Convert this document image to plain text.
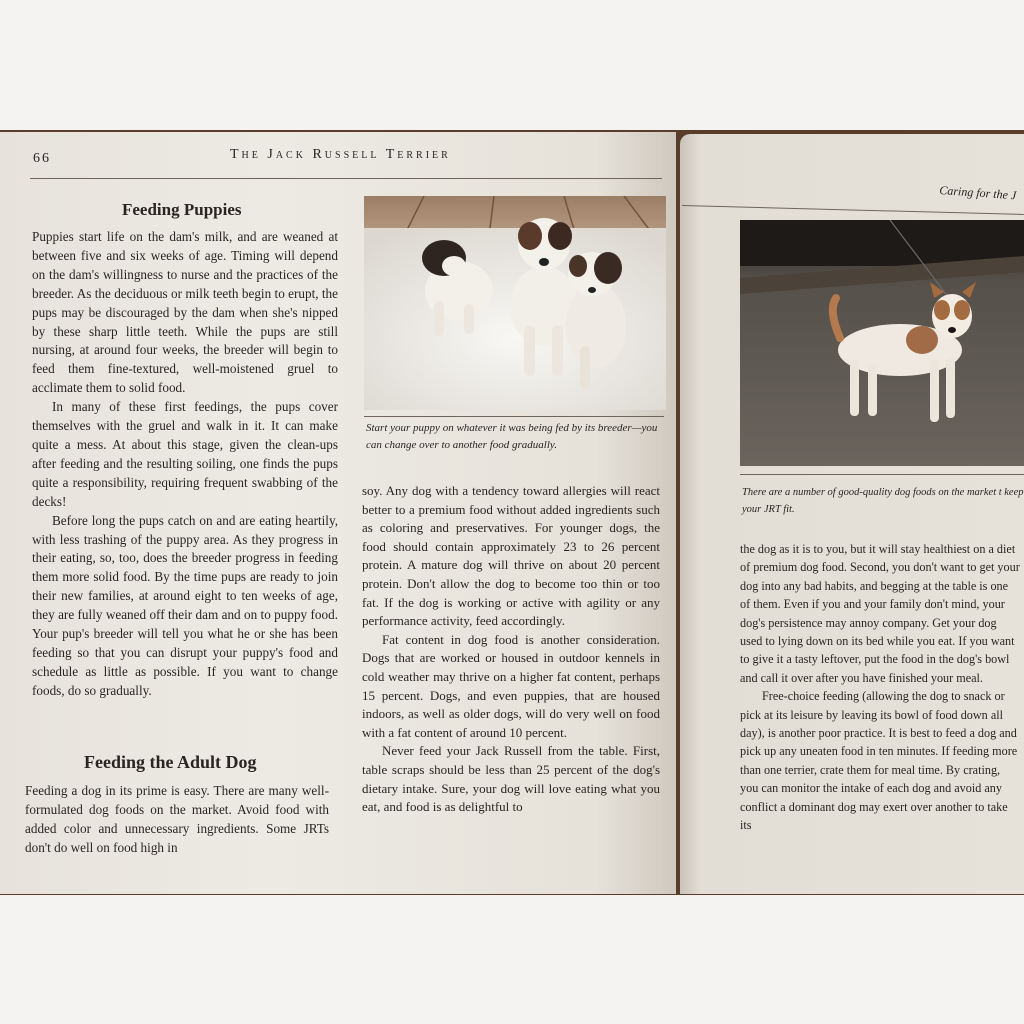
66	The Jack Russell Terrier
Feeding Puppies

Puppies start life on the dam's milk, and are weaned at between five and six weeks of age. Timing will depend on the dam's willingness to nurse and the practices of the breeder. As the deciduous or milk teeth begin to erupt, the pups may be discouraged by the dam when she's nipped by these sharp little teeth. While the pups are still nursing, at around four weeks, the breeder will begin to feed them fine-textured, well-moistened gruel to acclimate them to solid food.

In many of these first feedings, the pups cover themselves with the gruel and walk in it. It can make quite a mess. At about this stage, given the clean-ups after feeding and the resulting soiling, one finds the pups quite a responsibility, requiring frequent swabbing of the decks!

Before long the pups catch on and are eating heartily, with less trashing of the puppy area. As they progress in their eating, so, too, does the breeder progress in feeding them more solid food. By the time pups are ready to join their new families, at around eight to ten weeks of age, they are fully weaned off their dam and on to puppy food. Your pup's breeder will tell you what he or she has been feeding so that you can disrupt your puppy's food and schedule as little as possible. If you want to change foods, do so gradually.

Feeding the Adult Dog

Feeding a dog in its prime is easy. There are many well-formulated dog foods on the market. Avoid food with added color and unnecessary ingredients. Some JRTs don't do well on food high in

Start your puppy on whatever it was being fed by its breeder—you can change over to another food gradually.

soy. Any dog with a tendency toward allergies will react better to a premium food without added ingredients such as coloring and preservatives. For younger dogs, the food should contain approximately 23 to 26 percent protein. A mature dog will thrive on about 20 percent protein. Don't allow the dog to become too thin or too fat. If the dog is working or active with agility or any performance activity, feed accordingly.

Fat content in dog food is another consideration. Dogs that are worked or housed in outdoor kennels in cold weather may thrive on a higher fat content, perhaps 15 percent. Dogs, and even puppies, that are housed indoors, as well as older dogs, will do very well on food with a fat content of around 10 percent.

Never feed your Jack Russell from the table. First, table scraps should be less than 25 percent of the dog's dietary intake. Sure, your dog will love eating what you eat, and food is as delightful to

Caring for the J
There are a number of good-quality dog foods on the market t keep your JRT fit.

the dog as it is to you, but it will stay healthiest on a diet of premium dog food. Second, you don't want to get your dog into any bad habits, and begging at the table is one of them. Even if you and your family don't mind, your dog's persistence may annoy company. Get your dog used to lying down on its bed while you eat. If you want to give it a tasty leftover, put the food in the dog's bowl and call it over after you have finished your meal.

Free-choice feeding (allowing the dog to snack or pick at its leisure by leaving its bowl of food down all day), is another poor practice. It is best to feed a dog and pick up any uneaten food in ten minutes. If feeding more than one terrier, crate them for meal time. By crating, you can monitor the intake of each dog and avoid any conflict a dominant dog may exert over another to take its
